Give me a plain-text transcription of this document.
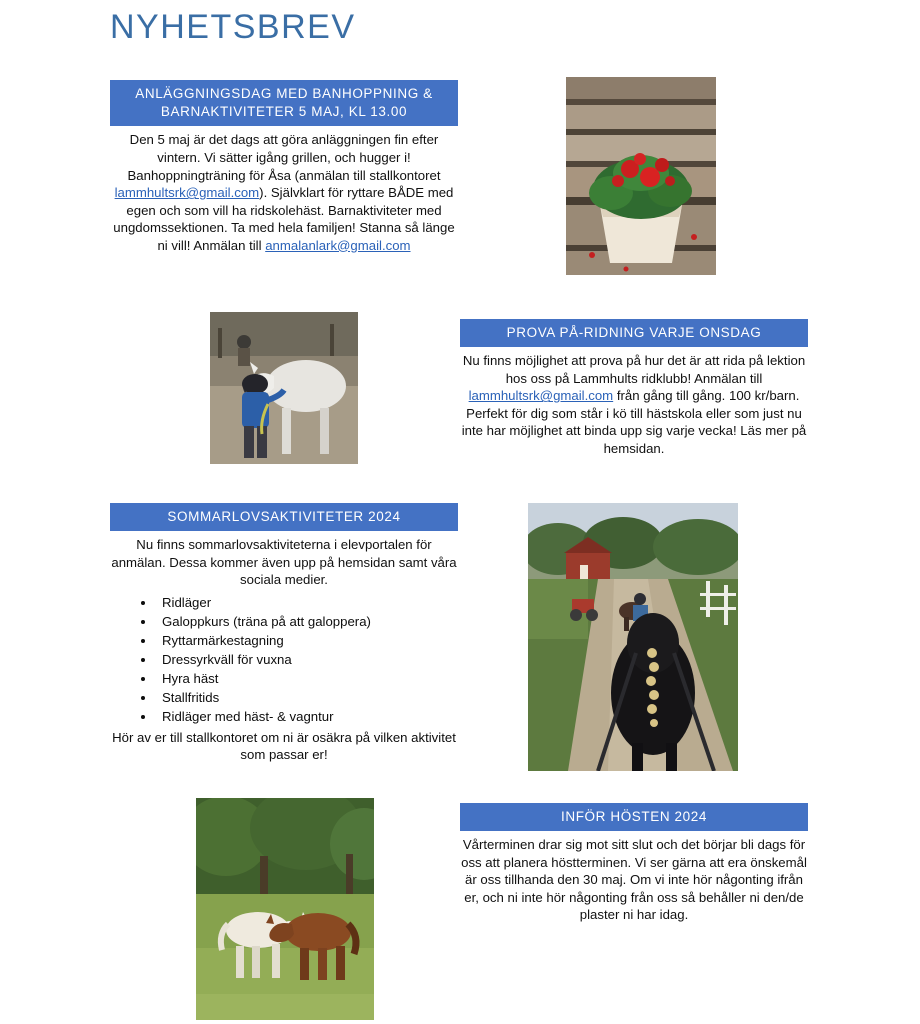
NYHETSBREV
ANLÄGGNINGSDAG MED BANHOPPNING & BARNAKTIVITETER 5 MAJ, KL 13.00
Den 5 maj är det dags att göra anläggningen fin efter vintern. Vi sätter igång grillen, och hugger i! Banhoppningträning för Åsa (anmälan till stallkontoret lammhultsrk@gmail.com). Självklart för ryttare BÅDE med egen och som vill ha ridskolehäst. Barnaktiviteter med ungdomssektionen. Ta med hela familjen! Stanna så länge ni vill! Anmälan till anmalanlark@gmail.com
PROVA PÅ-RIDNING VARJE ONSDAG
Nu finns möjlighet att prova på hur det är att rida på lektion hos oss på Lammhults ridklubb! Anmälan till lammhultsrk@gmail.com från gång till gång. 100 kr/barn. Perfekt för dig som står i kö till hästskola eller som just nu inte har möjlighet att binda upp sig varje vecka! Läs mer på hemsidan.
SOMMARLOVSAKTIVITETER 2024
Nu finns sommarlovsaktiviteterna i elevportalen för anmälan. Dessa kommer även upp på hemsidan samt våra sociala medier.
• Ridläger
• Galoppkurs (träna på att galoppera)
• Ryttarmärkestagning
• Dressyrkväll för vuxna
• Hyra häst
• Stallfritids
• Ridläger med häst- & vagntur
Hör av er till stallkontoret om ni är osäkra på vilken aktivitet som passar er!
INFÖR HÖSTEN 2024
Vårterminen drar sig mot sitt slut och det börjar bli dags för oss att planera höstterminen. Vi ser gärna att era önskemål är oss tillhanda den 30 maj. Om vi inte hör någonting ifrån er, och ni inte hör någonting från oss så behåller ni den/de plaster ni har idag.
